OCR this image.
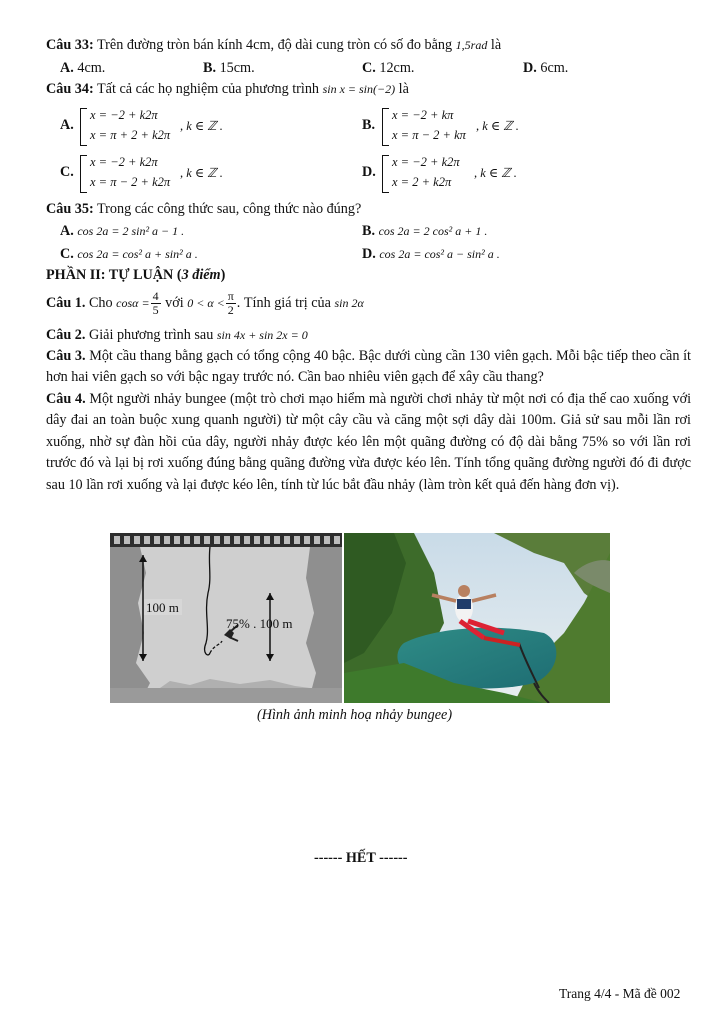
Câu 33: Trên đường tròn bán kính 4cm, độ dài cung tròn có số đo bằng 1,5rad là
A. 4cm.	B. 15cm.	C. 12cm.	D. 6cm.
Câu 34: Tất cả các họ nghiệm của phương trình sin x = sin(−2) là
A.
x = −2 + k2π
x = π + 2 + k2π
, k ∈ ℤ .	B.
x = −2 + kπ
x = π − 2 + kπ
, k ∈ ℤ .
C.
x = −2 + k2π
x = π − 2 + k2π
, k ∈ ℤ .	D.
x = −2 + k2π
x = 2 + k2π
, k ∈ ℤ .
Câu 35: Trong các công thức sau, công thức nào đúng?
A. cos 2a = 2 sin² a − 1 .	B. cos 2a = 2 cos² a + 1 .
C. cos 2a = cos² a + sin² a .	D. cos 2a = cos² a − sin² a .
PHẦN II: TỰ LUẬN (3 điểm)
Câu 1. Cho $\cos\alpha = \frac{4}{5}$ với $0 < \alpha < \frac{\pi}{2}$ . Tính giá trị của sin 2α
Câu 2. Giải phương trình sau sin 4x + sin 2x = 0
Câu 3. Một cầu thang bằng gạch có tổng cộng 40 bậc. Bậc dưới cùng cần 130 viên gạch. Mỗi bậc tiếp theo cần ít hơn hai viên gạch so với bậc ngay trước nó. Cần bao nhiêu viên gạch để xây cầu thang?
Câu 4. Một người nhảy bungee (một trò chơi mạo hiểm mà người chơi nhảy từ một nơi có địa thế cao xuống với dây đai an toàn buộc xung quanh người) từ một cây cầu và căng một sợi dây dài 100m. Giả sử sau mỗi lần rơi xuống, nhờ sự đàn hồi của dây, người nhảy được kéo lên một quãng đường có độ dài bằng 75% so với lần rơi trước đó và lại bị rơi xuống đúng bằng quãng đường vừa được kéo lên. Tính tổng quãng đường người đó đi được sau 10 lần rơi xuống và lại được kéo lên, tính từ lúc bắt đầu nhảy (làm tròn kết quả đến hàng đơn vị).
100 m
75% . 100 m
(Hình ảnh minh hoạ nhảy bungee)
------ HẾT ------
Trang 4/4 - Mã đề 002
